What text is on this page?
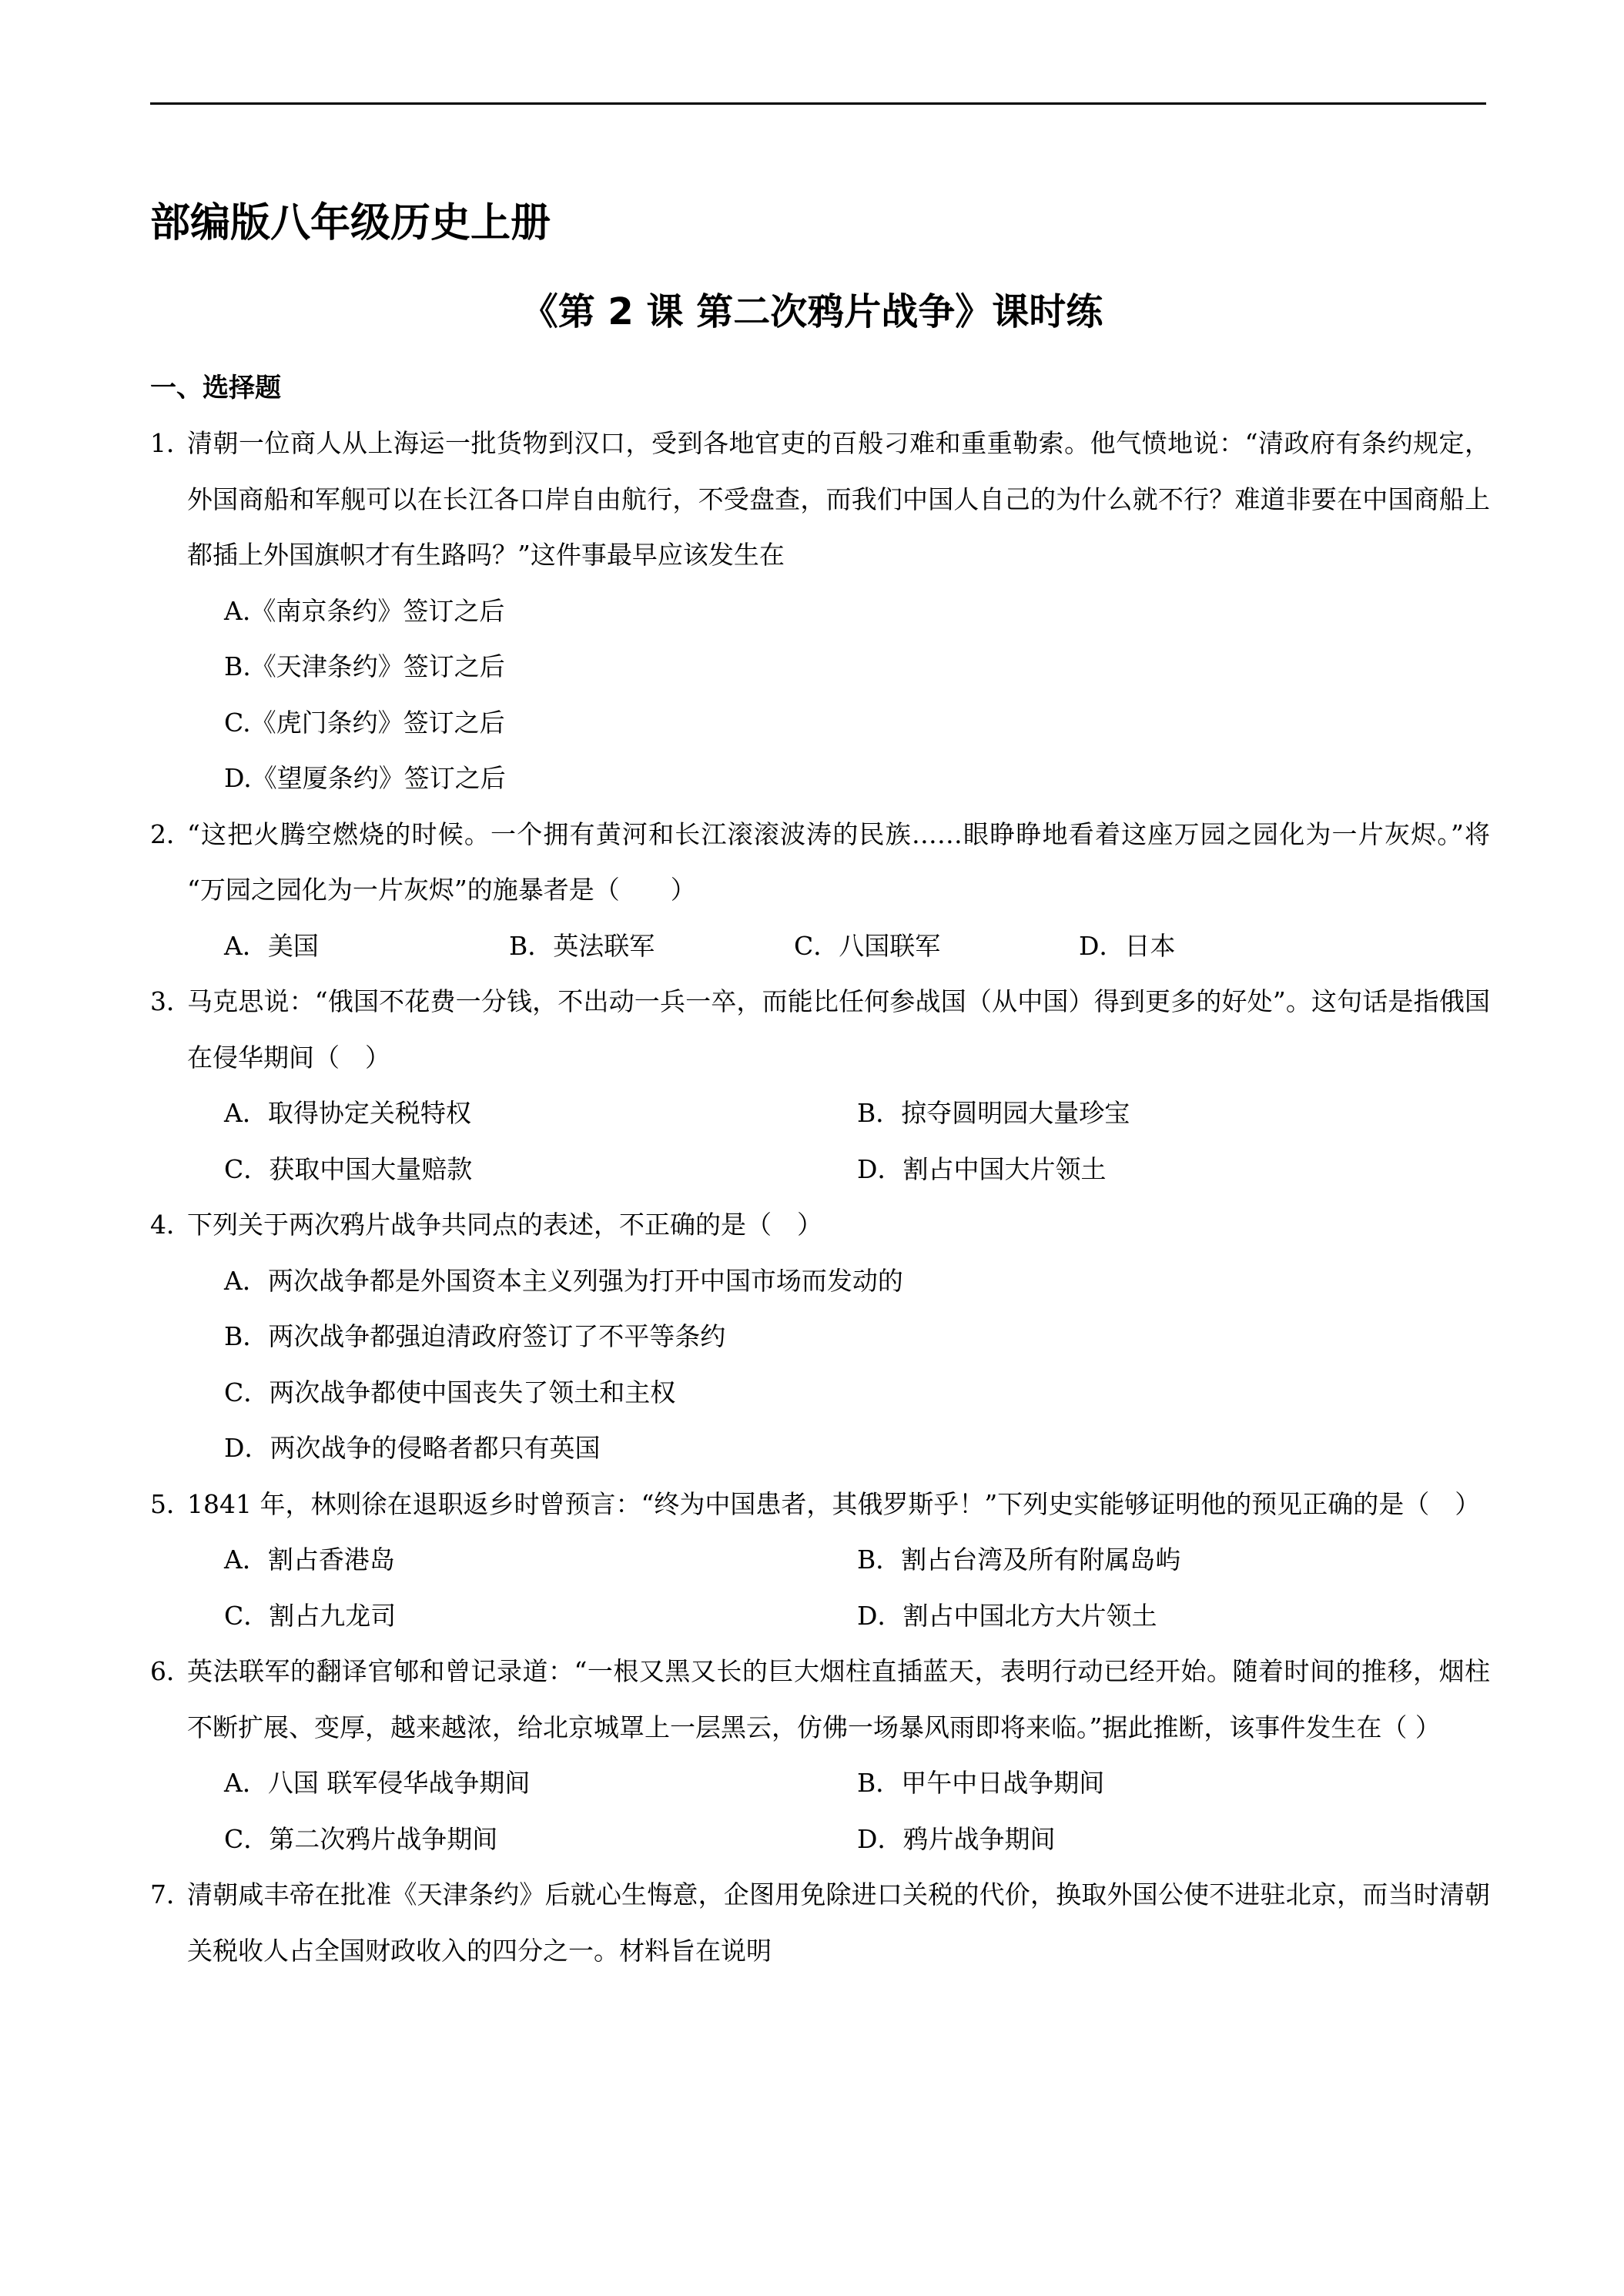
部编版八年级历史上册
《第 2 课 第二次鸦片战争》课时练
一、选择题
1．
清朝一位商人从上海运一批货物到汉口，受到各地官吏的百般刁难和重重勒索。他气愤地说：“清政府有条约规定，外国商船和军舰可以在长江各口岸自由航行，不受盘查，而我们中国人自己的为什么就不行？难道非要在中国商船上都插上外国旗帜才有生路吗？”这件事最早应该发生在
A.《南京条约》签订之后
B.《天津条约》签订之后
C.《虎门条约》签订之后
D.《望厦条约》签订之后
2．
“这把火腾空燃烧的时候。一个拥有黄河和长江滚滚波涛的民族……眼睁睁地看着这座万园之园化为一片灰烬。”将 “万园之园化为一片灰烬”的施暴者是（　　）
A．美国	B．英法联军	C．八国联军	D．日本
3．
马克思说：“俄国不花费一分钱，不出动一兵一卒，而能比任何参战国（从中国）得到更多的好处”。这句话是指俄国在侵华期间（　）
A．取得协定关税特权	B．掠夺圆明园大量珍宝
C．获取中国大量赔款	D．割占中国大片领土
4．
下列关于两次鸦片战争共同点的表述，不正确的是（　）
A．两次战争都是外国资本主义列强为打开中国市场而发动的
B．两次战争都强迫清政府签订了不平等条约
C．两次战争都使中国丧失了领土和主权
D．两次战争的侵略者都只有英国
5．
1841 年，林则徐在退职返乡时曾预言：“终为中国患者，其俄罗斯乎！”下列史实能够证明他的预见正确的是（　）
A．割占香港岛	B．割占台湾及所有附属岛屿
C．割占九龙司	D．割占中国北方大片领土
6．
英法联军的翻译官郇和曾记录道：“一根又黑又长的巨大烟柱直插蓝天，表明行动已经开始。随着时间的推移，烟柱不断扩展、变厚，越来越浓，给北京城罩上一层黑云，仿佛一场暴风雨即将来临。”据此推断，该事件发生在（ ）
A．八国 联军侵华战争期间	B．甲午中日战争期间
C．第二次鸦片战争期间	D．鸦片战争期间
7．
清朝咸丰帝在批准《天津条约》后就心生悔意，企图用免除进口关税的代价，换取外国公使不进驻北京，而当时清朝关税收人占全国财政收入的四分之一。材料旨在说明
